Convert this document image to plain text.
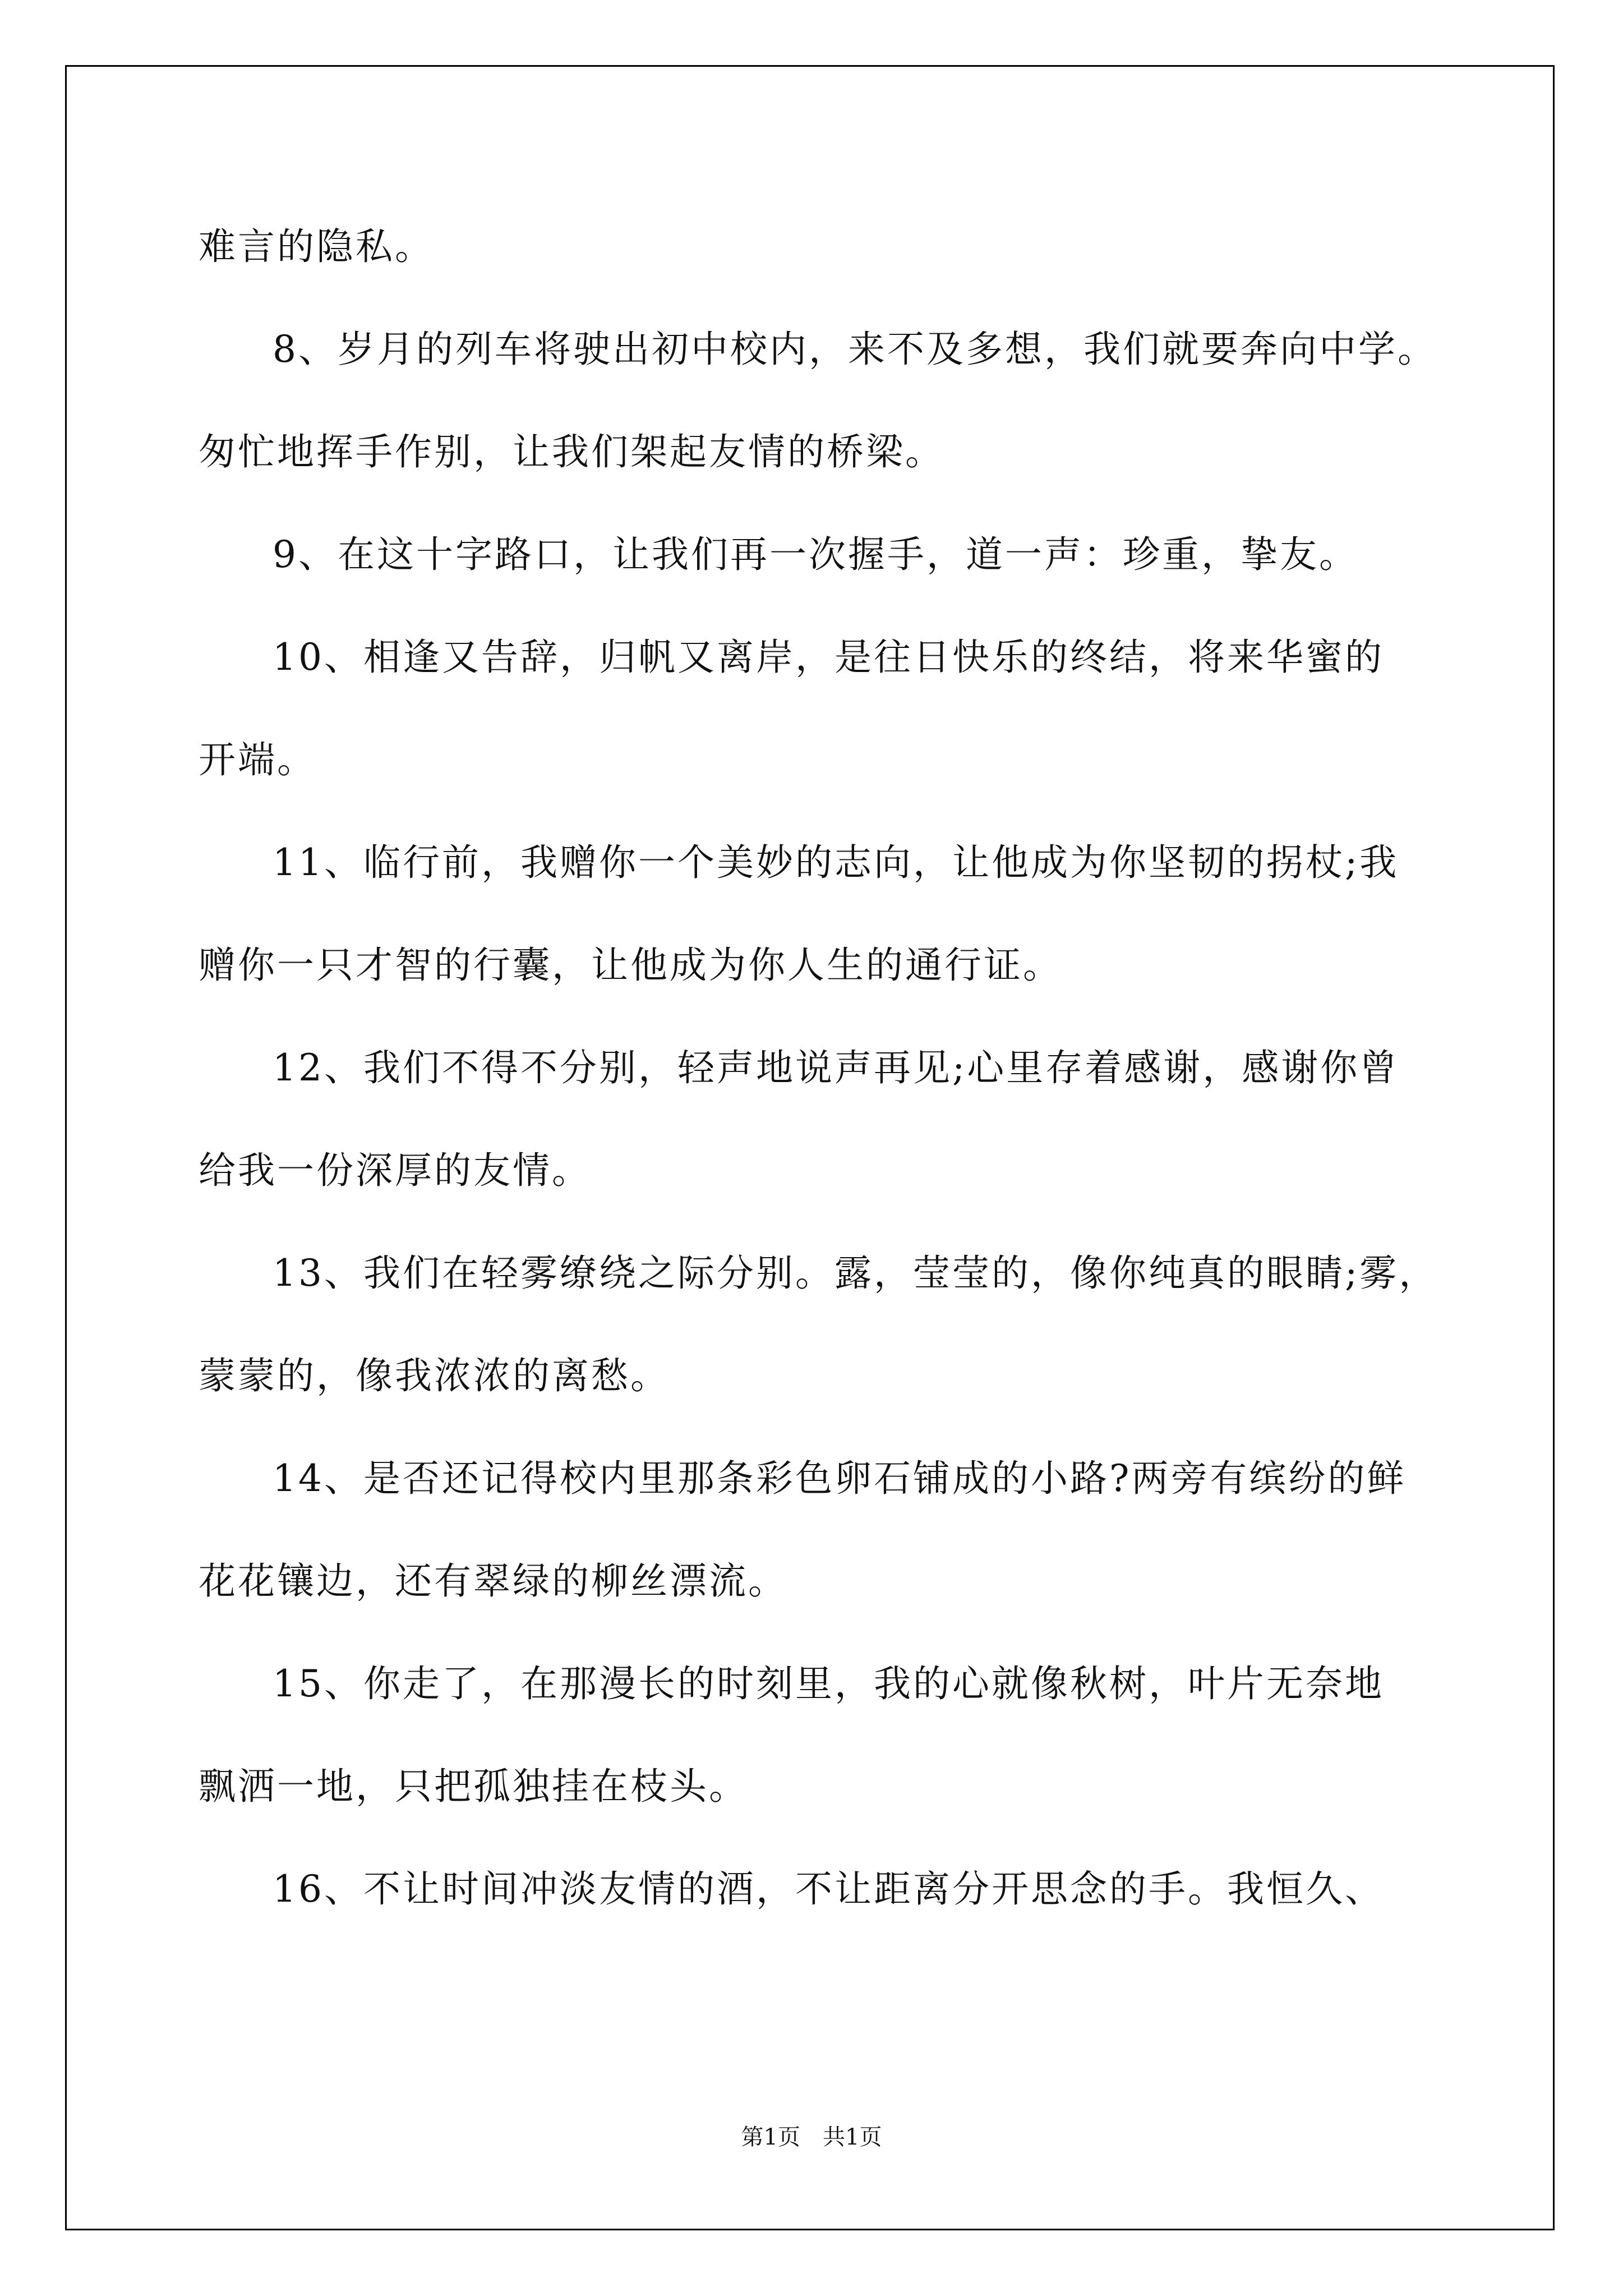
难言的隐私。
8、岁月的列车将驶出初中校内，来不及多想，我们就要奔向中学。
匆忙地挥手作别，让我们架起友情的桥梁。
9、在这十字路口，让我们再一次握手，道一声：珍重，挚友。
10、相逢又告辞，归帆又离岸，是往日快乐的终结，将来华蜜的
开端。
11、临行前，我赠你一个美妙的志向，让他成为你坚韧的拐杖;我
赠你一只才智的行囊，让他成为你人生的通行证。
12、我们不得不分别，轻声地说声再见;心里存着感谢，感谢你曾
给我一份深厚的友情。
13、我们在轻雾缭绕之际分别。露，莹莹的，像你纯真的眼睛;雾，
蒙蒙的，像我浓浓的离愁。
14、是否还记得校内里那条彩色卵石铺成的小路?两旁有缤纷的鲜
花花镶边，还有翠绿的柳丝漂流。
15、你走了，在那漫长的时刻里，我的心就像秋树，叶片无奈地
飘洒一地，只把孤独挂在枝头。
16、不让时间冲淡友情的酒，不让距离分开思念的手。我恒久、
第1页　共1页
